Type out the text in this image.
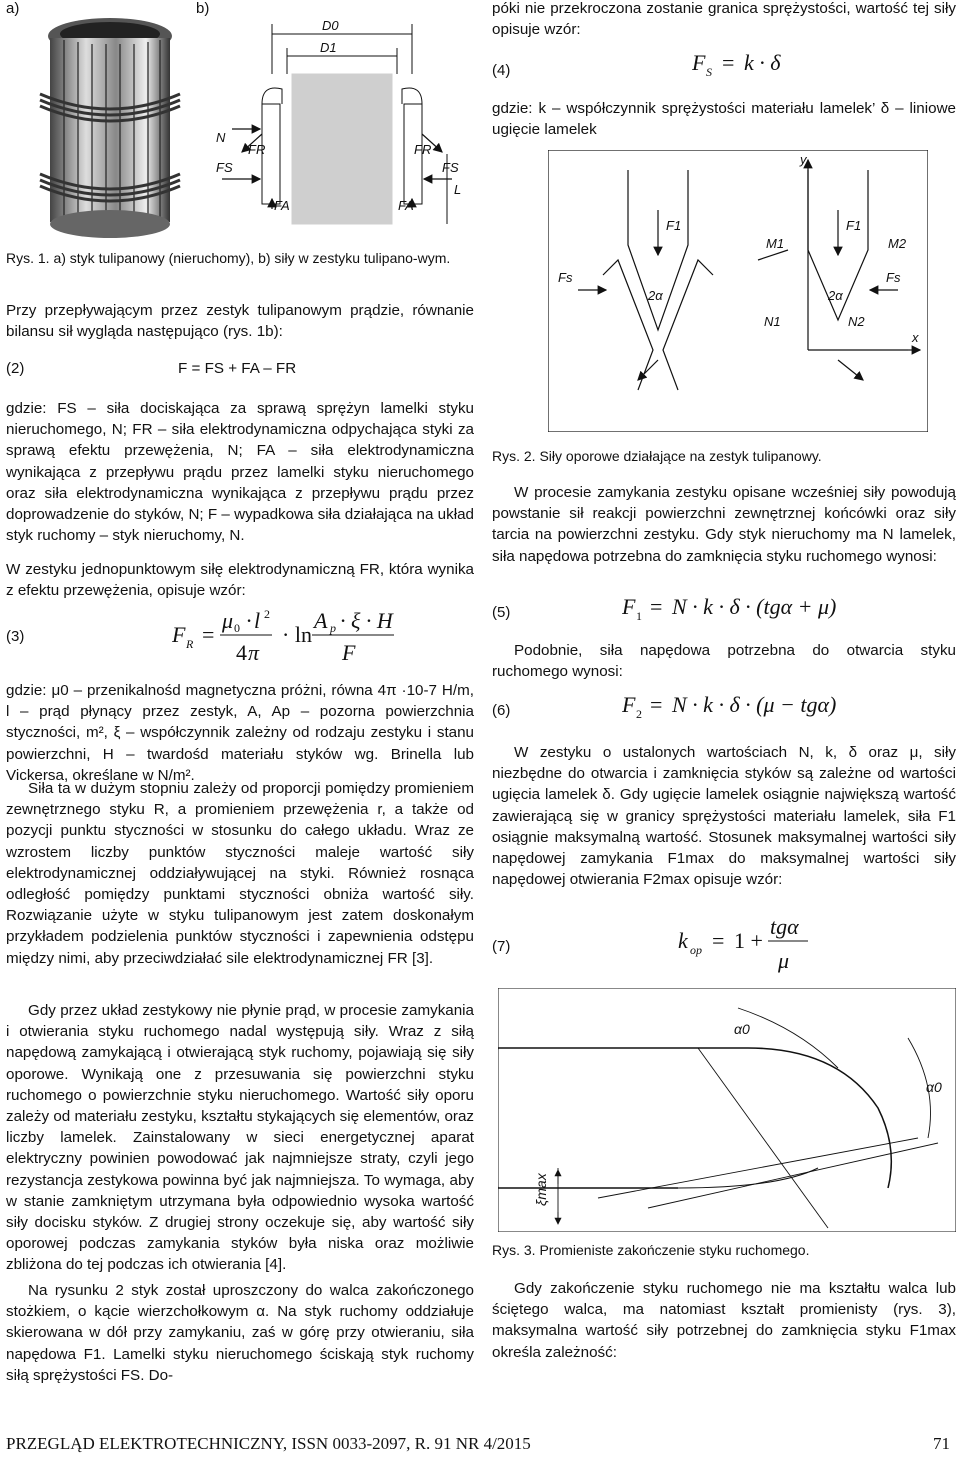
a)	b)
D0
D1
N
FR	FR
FS	FS
L
FA	FA
Rys. 1. a) styk tulipanowy (nieruchomy), b) siły w zestyku tulipano-wym.

Przy przepływającym przez zestyk tulipanowym prądzie, równanie bilansu sił wygląda następująco (rys. 1b):

(2)	F = FS + FA – FR

gdzie: FS – siła dociskająca za sprawą sprężyn lamelki styku nieruchomego, N; FR – siła elektrodynamiczna odpychająca styki za sprawą efektu przewężenia, N; FA – siła elektrodynamiczna wynikająca z przepływu prądu przez lamelki styku nieruchomego oraz siła elektrodynamiczna wynikająca z przepływu prądu przez doprowadzenie do styków, N; F – wypadkowa siła działająca na układ styk ruchomy – styk nieruchomy, N.

W zestyku jednopunktowym siłę elektrodynamiczną FR, która wynika z efektu przewężenia, opisuje wzór:

(3)	F R =
μ 0 · l 2
4 π
· ln
A p · ξ · H
F

gdzie: μ0 – przenikalnośd magnetyczna próżni, równa 4π ·10-7 H/m, l – prąd płynący przez zestyk, A, Ap – pozorna powierzchnia styczności, m², ξ – współczynnik zależny od rodzaju zestyku i stanu powierzchni, H – twardośd materiału styków wg. Brinella lub Vickersa, określane w N/m².

Siła ta w dużym stopniu zależy od proporcji pomiędzy promieniem zewnętrznego styku R, a promieniem przewężenia r, a także od pozycji punktu styczności w stosunku do całego układu. Wraz ze wzrostem liczby punktów styczności maleje wartość siły elektrodynamicznej oddziaływującej na styki. Również rosnąca odległość pomiędzy punktami styczności obniża wartość siły. Rozwiązanie użyte w styku tulipanowym jest zatem doskonałym przykładem podzielenia punktów styczności i zapewnienia odstępu między nimi, aby przeciwdziałać sile elektrodynamicznej FR [3].

Gdy przez układ zestykowy nie płynie prąd, w procesie zamykania i otwierania styku ruchomego nadal występują siły. Wraz z siłą napędową zamykającą i otwierającą styk ruchomy, pojawiają się siły oporowe. Wynikają one z przesuwania się powierzchni styku ruchomego o powierzchnie styku nieruchomego. Wartość siły oporu zależy od materiału zestyku, kształtu stykających się elementów, oraz liczby lamelek. Zainstalowany w sieci energetycznej aparat elektryczny powinien powodować jak najmniejsze straty, czyli jego rezystancja zestykowa powinna być jak najmniejsza. To wymaga, aby w stanie zamkniętym utrzymana była odpowiednio wysoka wartość siły docisku styków. Z drugiej strony oczekuje się, aby wartość siły oporowej podczas zamykania styków była niska oraz możliwie zbliżona do tej podczas ich otwierania [4].

Na rysunku 2 styk został uproszczony do walca zakończonego stożkiem, o kącie wierzchołkowym α. Na styk ruchomy oddziałuje skierowana w dół przy zamykaniu, zaś w górę przy otwieraniu, siła napędowa F1. Lamelki styku nieruchomego ściskają styk ruchomy siłą sprężystości FS. Do-

póki nie przekroczona zostanie granica sprężystości, wartość tej siły opisuje wzór:

(4)	F S = k · δ

gdzie: k – współczynnik sprężystości materiału lamelek’ δ – liniowe ugięcie lamelek

y
F1	F1
M1	M2
Fs	Fs
2α	2α
N1	N2
x
Rys. 2. Siły oporowe działające na zestyk tulipanowy.

W procesie zamykania zestyku opisane wcześniej siły powodują powstanie sił reakcji powierzchni zewnętrznej końcówki oraz siły tarcia na powierzchni zestyku. Gdy styk nieruchomy ma N lamelek, siła napędowa potrzebna do zamknięcia styku ruchomego wynosi:

(5)	F 1 = N · k · δ · (tgα + μ)

Podobnie, siła napędowa potrzebna do otwarcia styku ruchomego wynosi:

(6)	F 2 = N · k · δ · (μ − tgα)

W zestyku o ustalonych wartościach N, k, δ oraz μ, siły niezbędne do otwarcia i zamknięcia styków są zależne od wartości ugięcia lamelek δ. Gdy ugięcie lamelek osiągnie największą wartość zawierającą się w granicy sprężystości materiału lamelek, siła F1 osiągnie maksymalną wartość. Stosunek maksymalnej wartości siły napędowej zamykania F1max do maksymalnej wartości siły napędowej otwierania F2max opisuje wzór:

(7)	k op = 1 +
tgα
μ
α0
α0
ξmax
Rys. 3. Promieniste zakończenie styku ruchomego.

Gdy zakończenie styku ruchomego nie ma kształtu walca lub ściętego walca, ma natomiast kształt promienisty (rys. 3), maksymalna wartość siły potrzebnej do zamknięcia styku F1max określa zależność:

PRZEGLĄD ELEKTROTECHNICZNY, ISSN 0033-2097, R. 91 NR 4/2015	71
